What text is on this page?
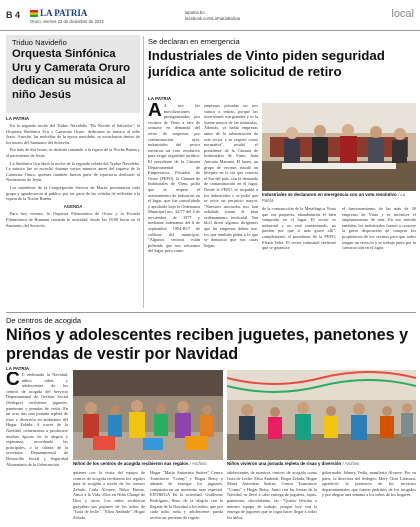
B 4	LA PATRIA
Oruro, viernes 23 de diciembre de 2022
lapatria.bo
facebook.com/LaPatriaBolivia	local
Triduo Navideño
Orquesta Sinfónica Uru y Camerata Oruro dedican su música al niño Jesús
LA PATRIA

En la segunda noche del Triduo Navideño "Ha Nacido el Salvador", la Orquesta Sinfónica Uru y Camerata Oruro, dedicaron su música al niño Jesús. Anoche, las melodías de la época navideña, se escucharon dentro de los muros del Santuario del Socavón.

Por más de dos horas, se disfrutó cantando a la espera de la Noche Buena y el nacimiento de Jesús.

La Sinfónica Uru abrió la noche de la segunda velada del Triduo Navideño. La música fue se escuchó durante varios minutos antes del ingreso de la Camerata Oruro, quienes también fueron parte de repertorio dedicado al Nacimiento de Jesús.

Los miembros de la Congregación Siervos de María, presentaron cada grupo y agradecieron al público por ser parte de las veladas de reflexión a la espera de la Noche Buena.

AGENDA

Para hoy viernes, la Orquesta Filarmónica de Oruro y la Escuela Filarmónica de Huanuni cerrarán la actividad, desde las 18:00 horas en el Santuario del Socavón.

Se declaran en emergencia
Industriales de Vinto piden seguridad jurídica ante solicitud de retiro
LA PATRIA

A A nte las movilizaciones protagonizadas por vecinos de Vinto a raíz de sentarse en demanda del retiro de empresas por contaminación, ayer, industriales del sector enviaron un voto resolutivo para exigir seguridad jurídica. El presidente de la Cámara Departamental de Empresarios Privados de Oruro (FEPO), la Cámara de Industriales de Vinto, pidió que se respete el asentamiento de industrias en el lugar, que fue consolidado y aprobado bajo la Ordenanza Municipal nro. 32/77 del 4 de noviembre de 1977 y mediante ordenanza del 6 de septiembre 1994-R17 de créditos del municipio. "Algunos vecinos están pidiendo que nos retiremos del lugar, pero como

empresas privadas no nos vamos a retirar, porque las inversiones son grandes y es la fuente mayor de las industrias. Además, ya había empresas antes de la urbanización de este sector y se respetó como normativa", resaltó el presidente de la Cámara de Industriales de Vinto, Juan Antonio Mamani. El lunes, un grupo de vecinos instaló un bloqueo en la vía que conecta el Sur del país, con la demanda de contaminación en el lugar. Desde la FEPO, se respaldó a los industriales y se pidió que se evite un perjuicio mayor. "Nuestros asociados nos han señalado tomar el plan ordenamiento territorial. Tan fácil dicen algunos dirigentes que las empresas deben irse, los que también piden a lo que se denuncia que sus casas llegan

Industriales se declararon en emergencia con un voto resolutivo / La Patria

de la construcción de la Metalúrgica Vinto que era poquería, abandonaron el bien comprado en el lugar. El sector es industrial y no está contaminado, no pueden por qué ir más grave allí", complementó el presidente de la FEPO, Efraín Veliz. El sector industrial reafirmó que se garantice

el funcionamiento de las más de 30 empresas de Vinto y se incentive el emplazamiento de más. En ese sentido también, los industriales fueron a conocer la grave disposición de comprar los propietarios de los vecinos para que todos tengan un servicio y se trabaje junto por la construcción en el lugar.

De centros de acogida
Niños y adolescentes reciben juguetes, panetones y prendas de vestir por Navidad
LA PATRIA

C C elebrando la Navidad, niños, niñas y adolescentes de los centros de acogida del Servicio Departamental de Gestión Social (Sedeges) recibieron juguetes, panetones y prendas de vestir. En un acto tras una jornada repleta de risas y diversión en ambientes del Hogar Zelada. A través de la Navidad, comenzaron a producirse muchas épocas de la alegría y esperanza, recordando las principales, a la cabeza de la secretaria Departamental de Desarrollo Social y Seguridad Alimentaria de la Gobernación	Niños de los centros de acogida recibieron sus regalos / Archivo	Niños vivieron una jornada repleta de risas y diversión / Archivo

quienes con la visita del equipo de centros de acogida recibieron los regalos para la acogida a través de los centros Zelada, Carla Álvarez, Niños Eterno, Amor a la Vida, ellos en Niño Chaupi de Dios y otros. Los niños recibieron guayabas sus pupitres de los niños de "Gota de leche", "Eliza Andrade", Hogar Zelada,

Hogar "María Antonieta Suárez" Centro Transitorio "Conny" y Hogar Betsy y además de entregar los juguetes, compartieron un momento muy especial. ENTREGA En la actividad, Guillermo Rodríguez, lleno de la alegría con la llegada de la Navidad a los niños, que por cada niño, niña y adolescente pueda recibir un presente de regalo.

adolescentes de nuestros centros de acogida como Gota de Leche, Elisa Andrade, Hogar Zelada, Hogar María Antonieta Suárez, Centro Transitorio "Conny" y Hogar Betsy. Junto con las fiestas de la Navidad, se llevó a cabo entrega de juguetes, ropas, panetones, chocolatadas, etc. "Quiero felicitar a nuestro equipo de trabajo, porque hoy con la entrega de juguetes que se logra hacer llegar a todos los niños.

gobernador Johnny Vedia, manifestó Alvarez. Por su parte, la directora del Sedeges, Mery Chiri Lizarazu, agradeció la presencia de los servicios departamentales que fueron padrinos de los acogidos y por alegrar una semana a los niños de los hogares.
